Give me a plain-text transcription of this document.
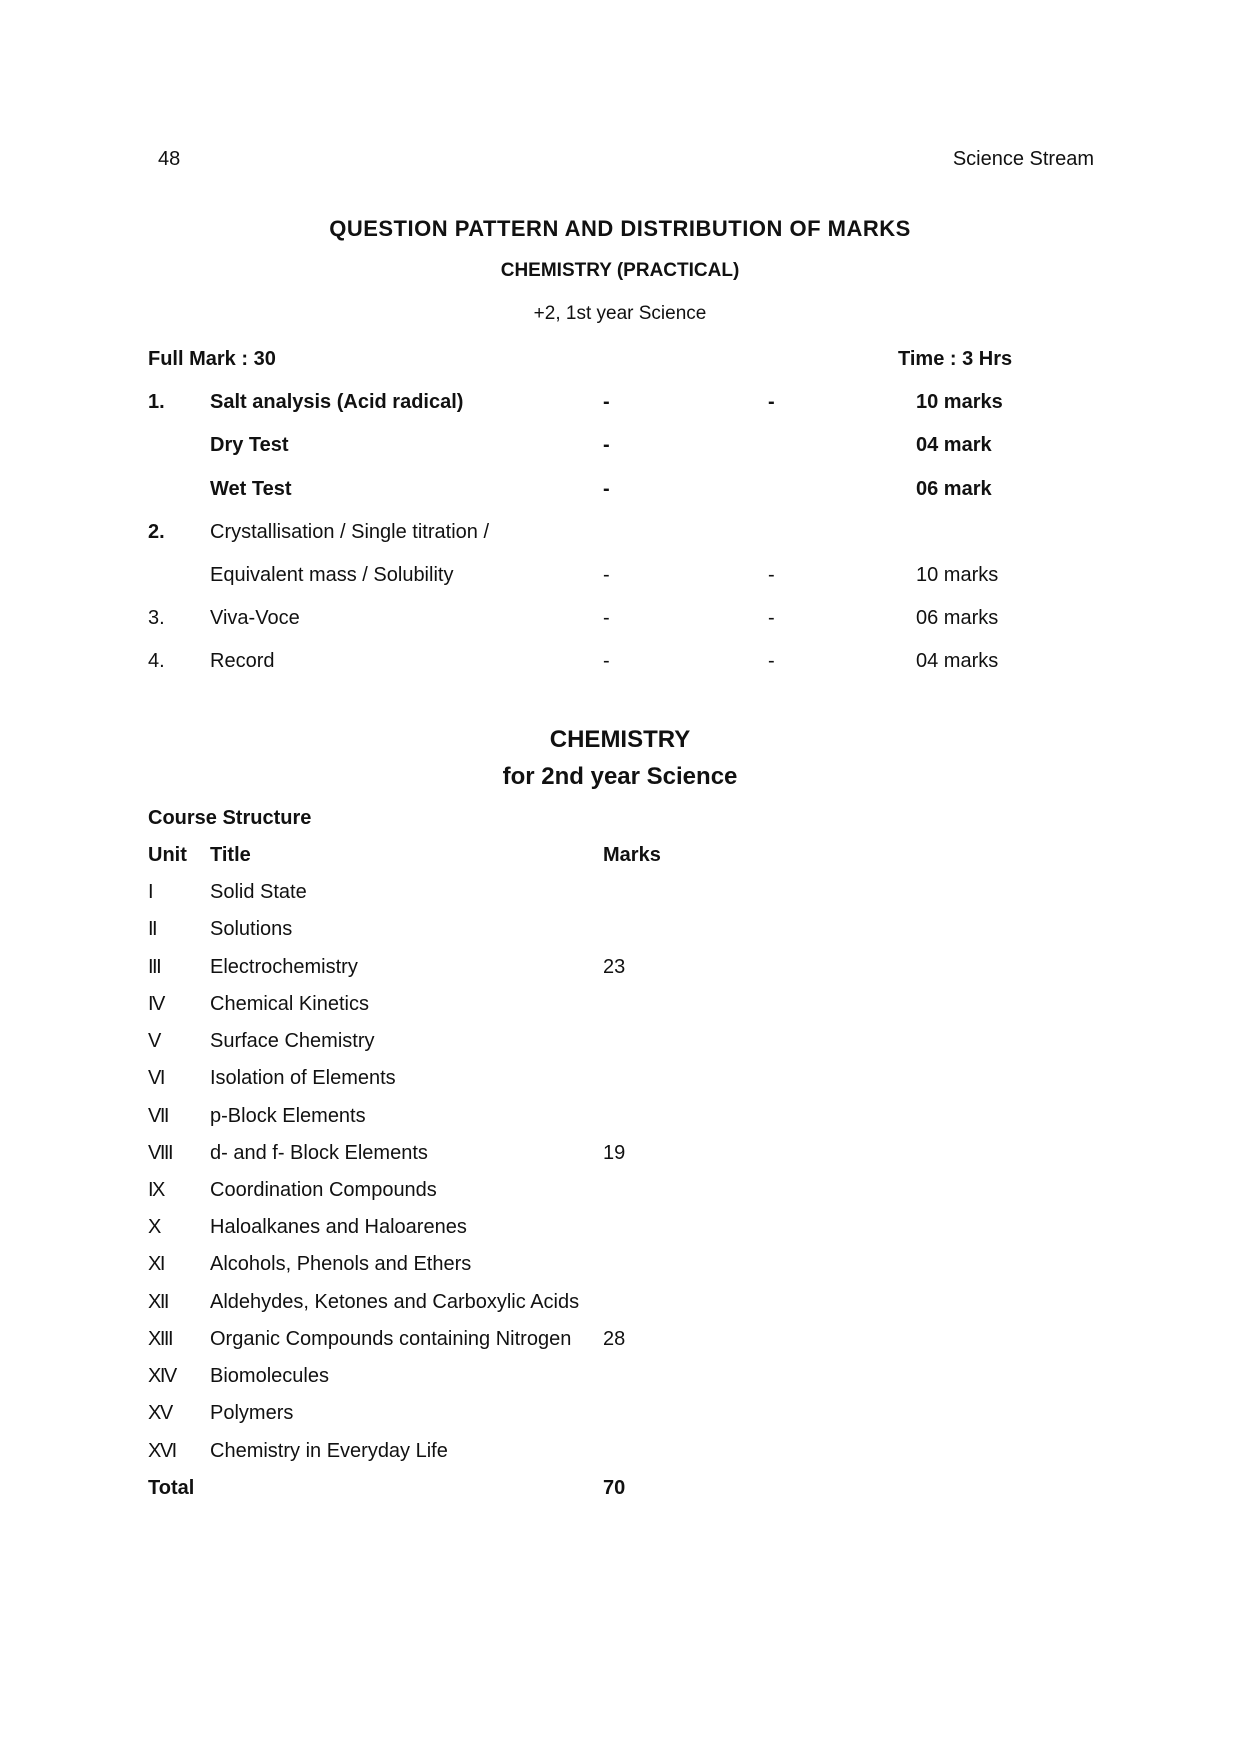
48	Science Stream
QUESTION PATTERN AND DISTRIBUTION OF MARKS
CHEMISTRY (PRACTICAL)
+2, 1st year Science
Full Mark : 30	Time : 3 Hrs
1. Salt analysis (Acid radical)	-	-	10 marks
Dry Test	-	04 mark
Wet Test	-	06 mark
2. Crystallisation / Single titration /
Equivalent mass / Solubility	-	-	10 marks
3. Viva-Voce	-	-	06 marks
4. Record	-	-	04 marks
CHEMISTRY
for 2nd year Science
Course Structure
Unit Title	Marks
I	Solid State
II	Solutions
III Electrochemistry	23
IV Chemical Kinetics
V	Surface Chemistry
VI Isolation of Elements
VII p-Block Elements
VIII d- and f- Block Elements	19
IX Coordination Compounds
X	Haloalkanes and Haloarenes
XI Alcohols, Phenols and Ethers
XII Aldehydes, Ketones and Carboxylic Acids
XIII Organic Compounds containing Nitrogen 28
XIV Biomolecules
XV Polymers
XVI Chemistry in Everyday Life
Total	70
